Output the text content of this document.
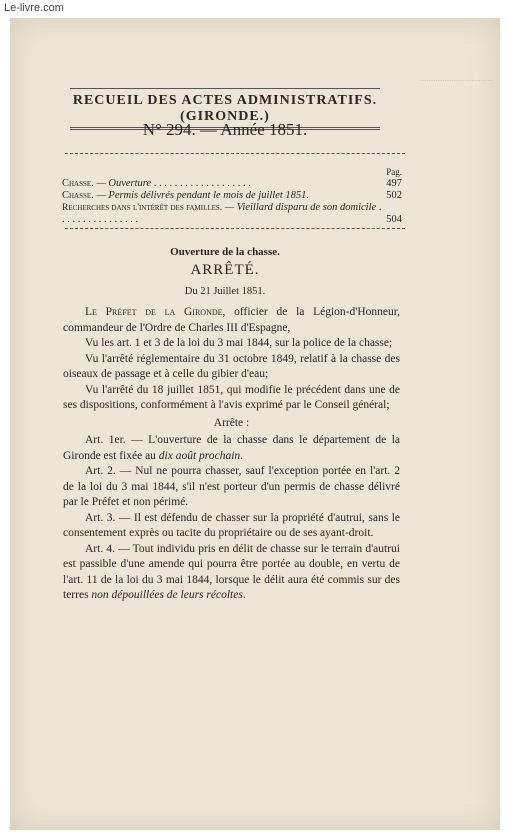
Le-livre.com
.................................
RECUEIL DES ACTES ADMINISTRATIFS. (GIRONDE.)
N° 294. — Année 1851.
Pag.
Chasse. — Ouverture . . . . . . . . . . . . . . . . . . .	497
Chasse. — Permis délivrés pendant le mois de juillet 1851.	502
Recherches dans l'intérêt des familles. — Vieillard disparu de son domicile . . . . . . . . . . . . . . . .	504
Ouverture de la chasse.
ARRÊTÉ.
Du 21 Juillet 1851.

Le Préfet de la Gironde, officier de la Légion-d'Honneur, commandeur de l'Ordre de Charles III d'Espagne,

Vu les art. 1 et 3 de la loi du 3 mai 1844, sur la police de la chasse;

Vu l'arrêté réglementaire du 31 octobre 1849, relatif à la chasse des oiseaux de passage et à celle du gibier d'eau;

Vu l'arrêté du 18 juillet 1851, qui modifie le précédent dans une de ses dispositions, conformément à l'avis exprimé par le Conseil général;

Arrête :

Art. 1er. — L'ouverture de la chasse dans le département de la Gironde est fixée au dix août prochain.

Art. 2. — Nul ne pourra chasser, sauf l'exception portée en l'art. 2 de la loi du 3 mai 1844, s'il n'est porteur d'un permis de chasse délivré par le Préfet et non périmé.

Art. 3. — Il est défendu de chasser sur la propriété d'autrui, sans le consentement exprès ou tacite du propriétaire ou de ses ayant-droit.

Art. 4. — Tout individu pris en délit de chasse sur le terrain d'autrui est passible d'une amende qui pourra être portée au double, en vertu de l'art. 11 de la loi du 3 mai 1844, lorsque le délit aura été commis sur des terres non dépouillées de leurs récoltes.
